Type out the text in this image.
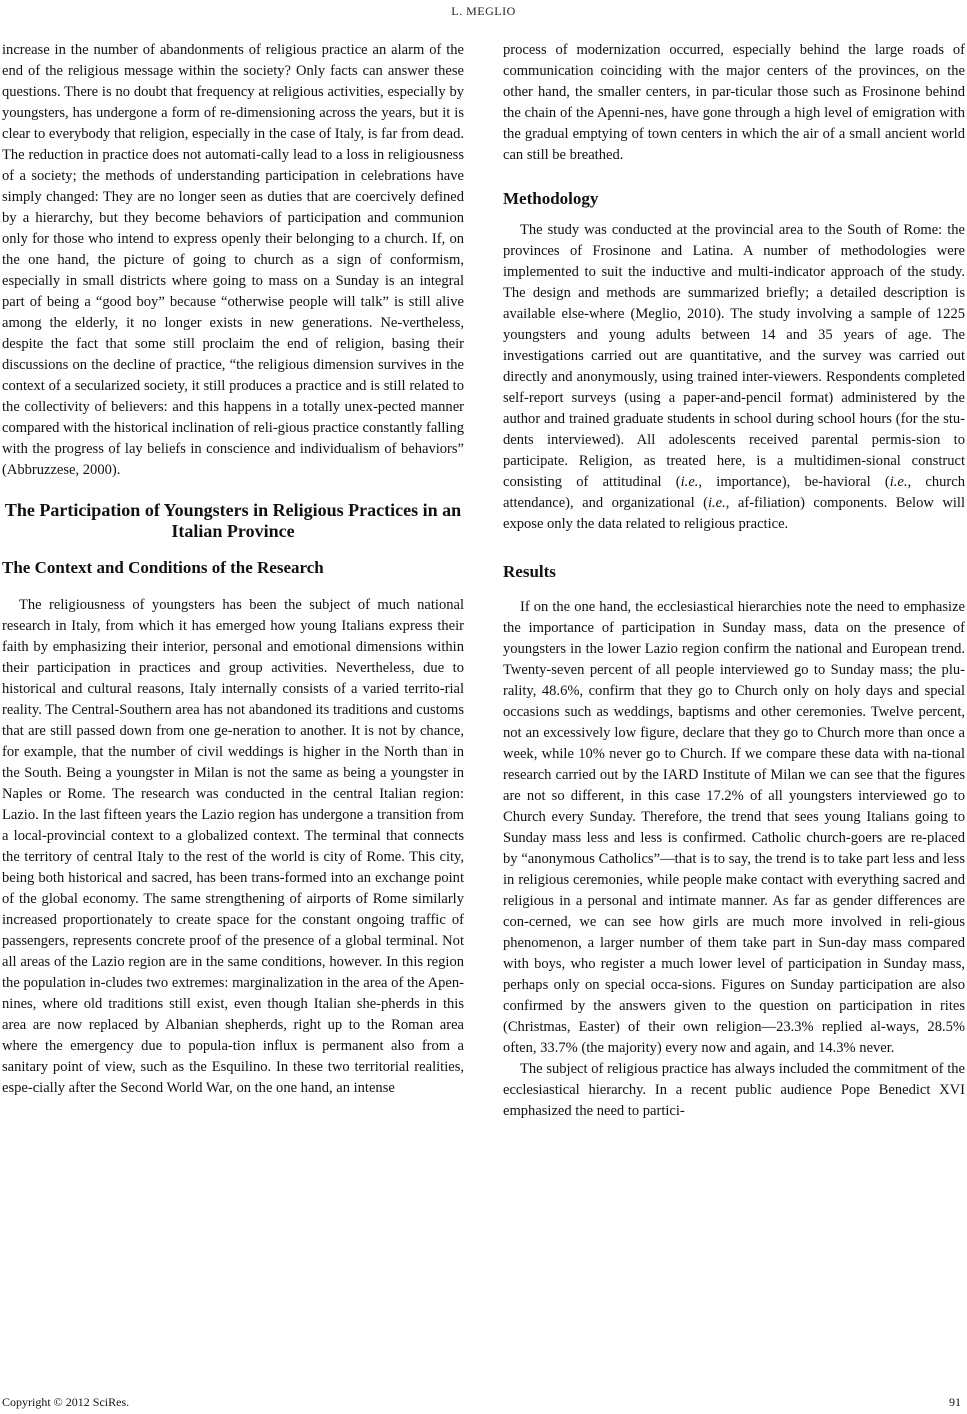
L. MEGLIO

increase in the number of abandonments of religious practice an alarm of the end of the religious message within the society? Only facts can answer these questions. There is no doubt that frequency at religious activities, especially by youngsters, has undergone a form of re-dimensioning across the years, but it is clear to everybody that religion, especially in the case of Italy, is far from dead. The reduction in practice does not automati-cally lead to a loss in religiousness of a society; the methods of understanding participation in celebrations have simply changed: They are no longer seen as duties that are coercively defined by a hierarchy, but they become behaviors of participation and communion only for those who intend to express openly their belonging to a church. If, on the one hand, the picture of going to church as a sign of conformism, especially in small districts where going to mass on a Sunday is an integral part of being a “good boy” because “otherwise people will talk” is still alive among the elderly, it no longer exists in new generations. Ne-vertheless, despite the fact that some still proclaim the end of religion, basing their discussions on the decline of practice, “the religious dimension survives in the context of a secularized society, it still produces a practice and is still related to the collectivity of believers: and this happens in a totally unex-pected manner compared with the historical inclination of reli-gious practice constantly falling with the progress of lay beliefs in conscience and individualism of behaviors” (Abbruzzese, 2000).

The Participation of Youngsters in Religious Practices in an Italian Province
The Context and Conditions of the Research

The religiousness of youngsters has been the subject of much national research in Italy, from which it has emerged how young Italians express their faith by emphasizing their interior, personal and emotional dimensions within their participation in practices and group activities. Nevertheless, due to historical and cultural reasons, Italy internally consists of a varied territo-rial reality. The Central-Southern area has not abandoned its traditions and customs that are still passed down from one ge-neration to another. It is not by chance, for example, that the number of civil weddings is higher in the North than in the South. Being a youngster in Milan is not the same as being a youngster in Naples or Rome. The research was conducted in the central Italian region: Lazio. In the last fifteen years the Lazio region has undergone a transition from a local-provincial context to a globalized context. The terminal that connects the territory of central Italy to the rest of the world is city of Rome. This city, being both historical and sacred, has been trans-formed into an exchange point of the global economy. The same strengthening of airports of Rome similarly increased proportionately to create space for the constant ongoing traffic of passengers, represents concrete proof of the presence of a global terminal. Not all areas of the Lazio region are in the same conditions, however. In this region the population in-cludes two extremes: marginalization in the area of the Apen-nines, where old traditions still exist, even though Italian she-pherds in this area are now replaced by Albanian shepherds, right up to the Roman area where the emergency due to popula-tion influx is permanent also from a sanitary point of view, such as the Esquilino. In these two territorial realities, espe-cially after the Second World War, on the one hand, an intense

process of modernization occurred, especially behind the large roads of communication coinciding with the major centers of the provinces, on the other hand, the smaller centers, in par-ticular those such as Frosinone behind the chain of the Apenni-nes, have gone through a high level of emigration with the gradual emptying of town centers in which the air of a small ancient world can still be breathed.

Methodology

The study was conducted at the provincial area to the South of Rome: the provinces of Frosinone and Latina. A number of methodologies were implemented to suit the inductive and multi-indicator approach of the study. The design and methods are summarized briefly; a detailed description is available else-where (Meglio, 2010). The study involving a sample of 1225 youngsters and young adults between 14 and 35 years of age. The investigations carried out are quantitative, and the survey was carried out directly and anonymously, using trained inter-viewers. Respondents completed self-report surveys (using a paper-and-pencil format) administered by the author and trained graduate students in school during school hours (for the stu-dents interviewed). All adolescents received parental permis-sion to participate. Religion, as treated here, is a multidimen-sional construct consisting of attitudinal (i.e., importance), be-havioral (i.e., church attendance), and organizational (i.e., af-filiation) components. Below will expose only the data related to religious practice.

Results

If on the one hand, the ecclesiastical hierarchies note the need to emphasize the importance of participation in Sunday mass, data on the presence of youngsters in the lower Lazio region confirm the national and European trend. Twenty-seven percent of all people interviewed go to Sunday mass; the plu-rality, 48.6%, confirm that they go to Church only on holy days and special occasions such as weddings, baptisms and other ceremonies. Twelve percent, not an excessively low figure, declare that they go to Church more than once a week, while 10% never go to Church. If we compare these data with na-tional research carried out by the IARD Institute of Milan we can see that the figures are not so different, in this case 17.2% of all youngsters interviewed go to Church every Sunday. Therefore, the trend that sees young Italians going to Sunday mass less and less is confirmed. Catholic church-goers are re-placed by “anonymous Catholics”—that is to say, the trend is to take part less and less in religious ceremonies, while people make contact with everything sacred and religious in a personal and intimate manner. As far as gender differences are con-cerned, we can see how girls are much more involved in reli-gious phenomenon, a larger number of them take part in Sun-day mass compared with boys, who register a much lower level of participation in Sunday mass, perhaps only on special occa-sions. Figures on Sunday participation are also confirmed by the answers given to the question on participation in rites (Christmas, Easter) of their own religion—23.3% replied al-ways, 28.5% often, 33.7% (the majority) every now and again, and 14.3% never.

The subject of religious practice has always included the commitment of the ecclesiastical hierarchy. In a recent public audience Pope Benedict XVI emphasized the need to partici-

Copyright © 2012 SciRes.	91
